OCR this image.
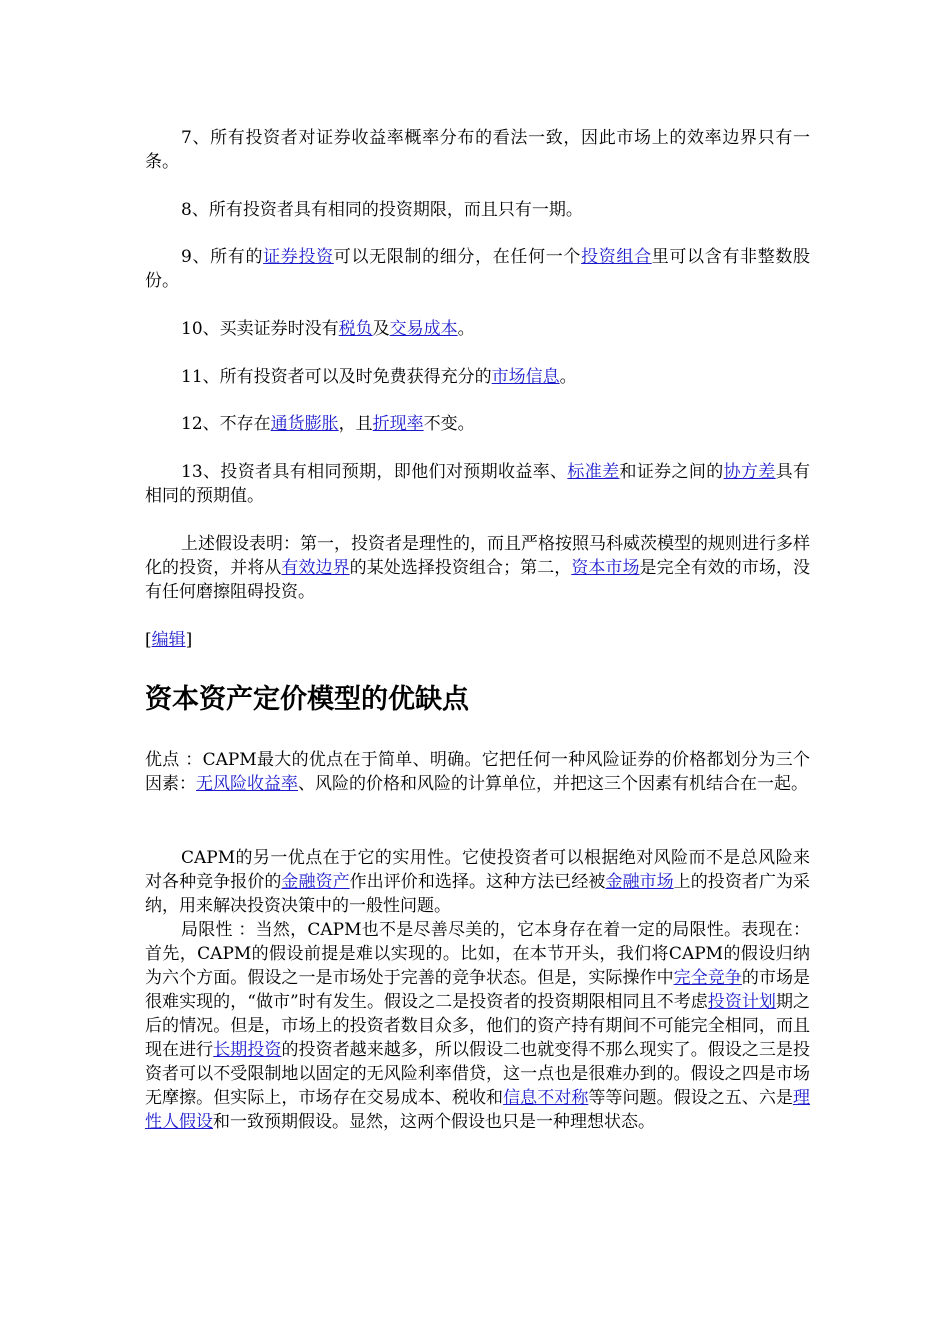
7、所有投资者对证券收益率概率分布的看法一致，因此市场上的效率边界只有一条。

8、所有投资者具有相同的投资期限，而且只有一期。

9、所有的证券投资可以无限制的细分，在任何一个投资组合里可以含有非整数股份。

10、买卖证券时没有税负及交易成本。

11、所有投资者可以及时免费获得充分的市场信息。

12、不存在通货膨胀，且折现率不变。

13、投资者具有相同预期，即他们对预期收益率、标准差和证券之间的协方差具有相同的预期值。

上述假设表明：第一，投资者是理性的，而且严格按照马科威茨模型的规则进行多样化的投资，并将从有效边界的某处选择投资组合；第二，资本市场是完全有效的市场，没有任何磨擦阻碍投资。

[编辑]

资本资产定价模型的优缺点

优点 ：CAPM最大的优点在于简单、明确。它把任何一种风险证券的价格都划分为三个因素：无风险收益率、风险的价格和风险的计算单位，并把这三个因素有机结合在一起。

CAPM的另一优点在于它的实用性。它使投资者可以根据绝对风险而不是总风险来对各种竞争报价的金融资产作出评价和选择。这种方法已经被金融市场上的投资者广为采纳，用来解决投资决策中的一般性问题。

局限性 ：当然，CAPM也不是尽善尽美的，它本身存在着一定的局限性。表现在： 首先，CAPM的假设前提是难以实现的。比如，在本节开头，我们将CAPM的假设归纳为六个方面。假设之一是市场处于完善的竞争状态。但是，实际操作中完全竞争的市场是很难实现的，“做市”时有发生。假设之二是投资者的投资期限相同且不考虑投资计划期之后的情况。但是，市场上的投资者数目众多，他们的资产持有期间不可能完全相同，而且现在进行长期投资的投资者越来越多，所以假设二也就变得不那么现实了。假设之三是投资者可以不受限制地以固定的无风险利率借贷，这一点也是很难办到的。假设之四是市场无摩擦。但实际上，市场存在交易成本、税收和信息不对称等等问题。假设之五、六是理性人假设和一致预期假设。显然，这两个假设也只是一种理想状态。
